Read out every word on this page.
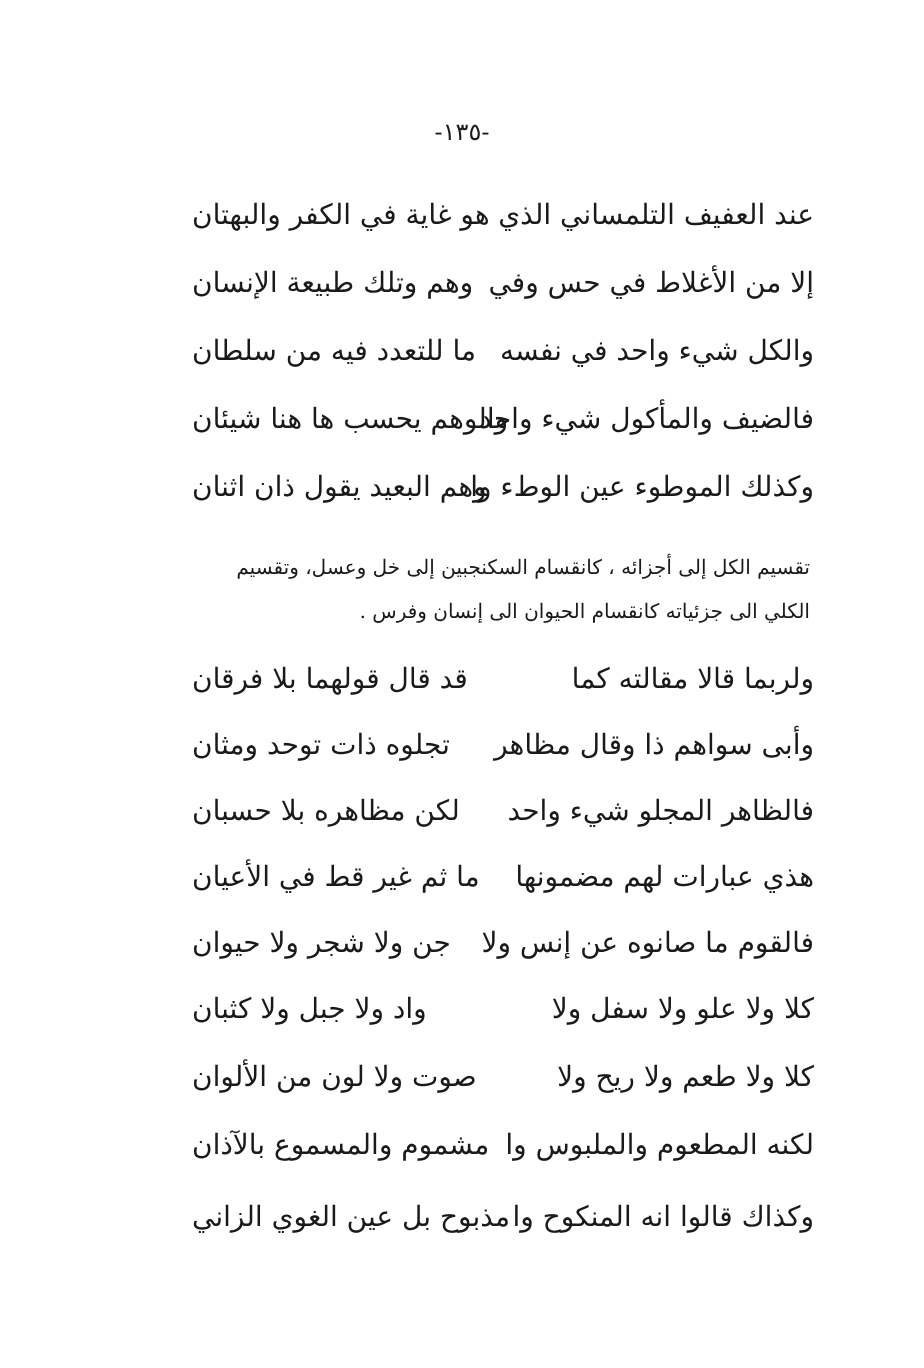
-١٣٥-
عند العفيف التلمساني الذي
هو غاية في الكفر والبهتان
إلا من الأغلاط في حس وفي
وهم وتلك طبيعة الإنسان
والكل شيء واحد في نفسه
ما للتعدد فيه من سلطان
فالضيف والمأكول شيء واحد
والوهم يحسب ها هنا شيئان
وكذلك الموطوء عين الوطء وا
وهم البعيد يقول ذان اثنان
تقسيم الكل إلى أجزائه ، كانقسام السكنجبين إلى خل وعسل، وتقسيم
الكلي الى جزئياته كانقسام الحيوان الى إنسان وفرس .
ولربما قالا مقالته كما
قد قال قولهما بلا فرقان
وأبى سواهم ذا وقال مظاهر
تجلوه ذات توحد ومثان
فالظاهر المجلو شيء واحد
لكن مظاهره بلا حسبان
هذي عبارات لهم مضمونها
ما ثم غير قط في الأعيان
فالقوم ما صانوه عن إنس ولا
جن ولا شجر ولا حيوان
كلا ولا علو ولا سفل ولا
واد ولا جبل ولا كثبان
كلا ولا طعم ولا ريح ولا
صوت ولا لون من الألوان
لكنه المطعوم والملبوس وا
مشموم والمسموع بالآذان
وكذاك قالوا انه المنكوح وا
مذبوح بل عين الغوي الزاني
